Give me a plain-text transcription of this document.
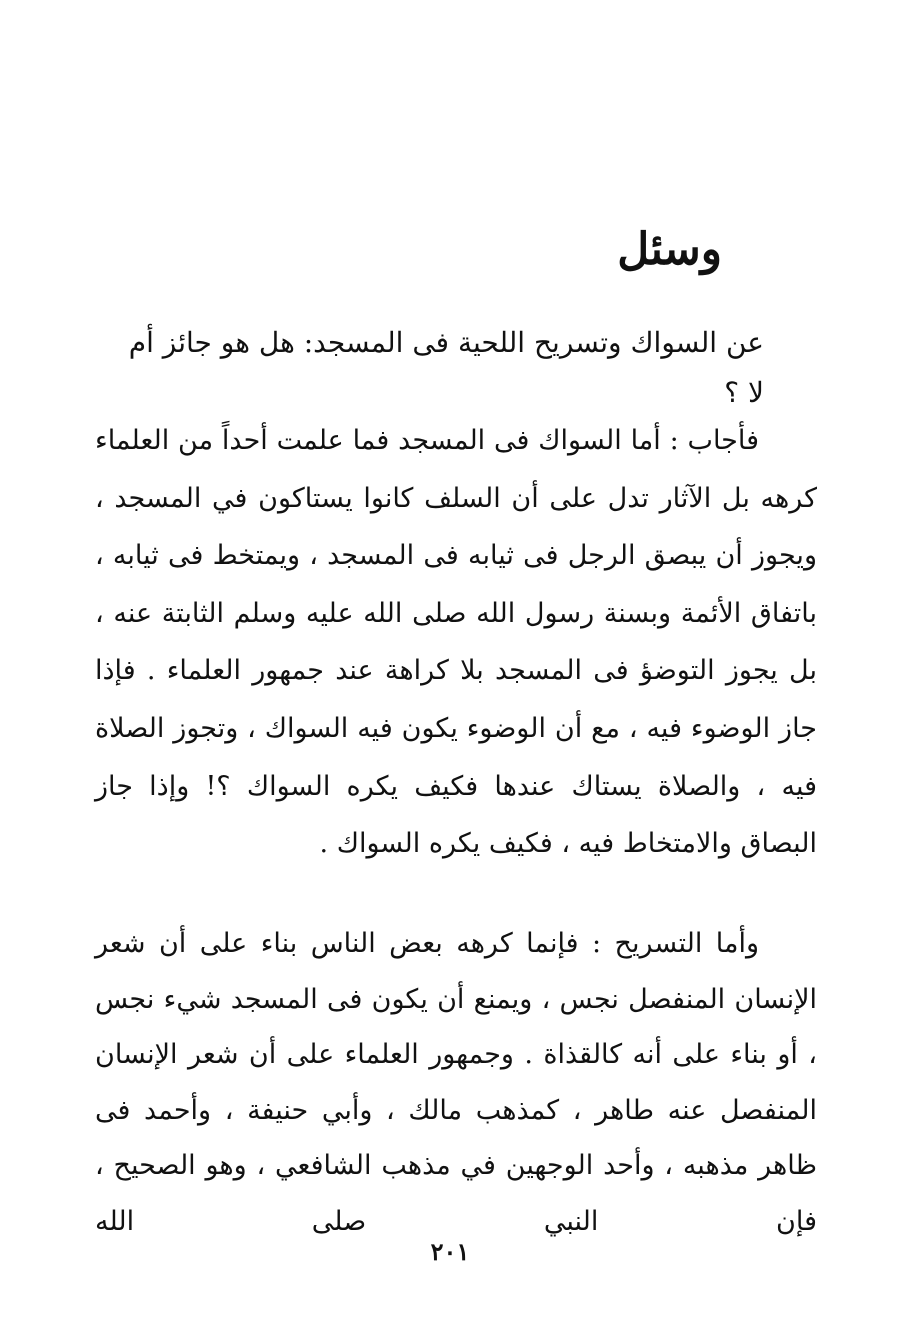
وسئل

عن السواك وتسريح اللحية فى المسجد: هل هو جائز أم لا ؟

فأجاب : أما السواك فى المسجد فما علمت أحداً من العلماء كرهه بل الآثار تدل على أن السلف كانوا يستاكون في المسجد ، ويجوز أن يبصق الرجل فى ثيابه فى المسجد ، ويمتخط فى ثيابه ، باتفاق الأئمة وبسنة رسول الله صلى الله عليه وسلم الثابتة عنه ، بل يجوز التوضؤ فى المسجد بلا كراهة عند جمهور العلماء . فإذا جاز الوضوء فيه ، مع أن الوضوء يكون فيه السواك ، وتجوز الصلاة فيه ، والصلاة يستاك عندها فكيف يكره السواك ؟! وإذا جاز البصاق والامتخاط فيه ، فكيف يكره السواك .

وأما التسريح : فإنما كرهه بعض الناس بناء على أن شعر الإنسان المنفصل نجس ، ويمنع أن يكون فى المسجد شيء نجس ، أو بناء على أنه كالقذاة . وجمهور العلماء على أن شعر الإنسان المنفصل عنه طاهر ، كمذهب مالك ، وأبي حنيفة ، وأحمد فى ظاهر مذهبه ، وأحد الوجهين في مذهب الشافعي ، وهو الصحيح ، فإن النبي صلى الله

٢٠١
